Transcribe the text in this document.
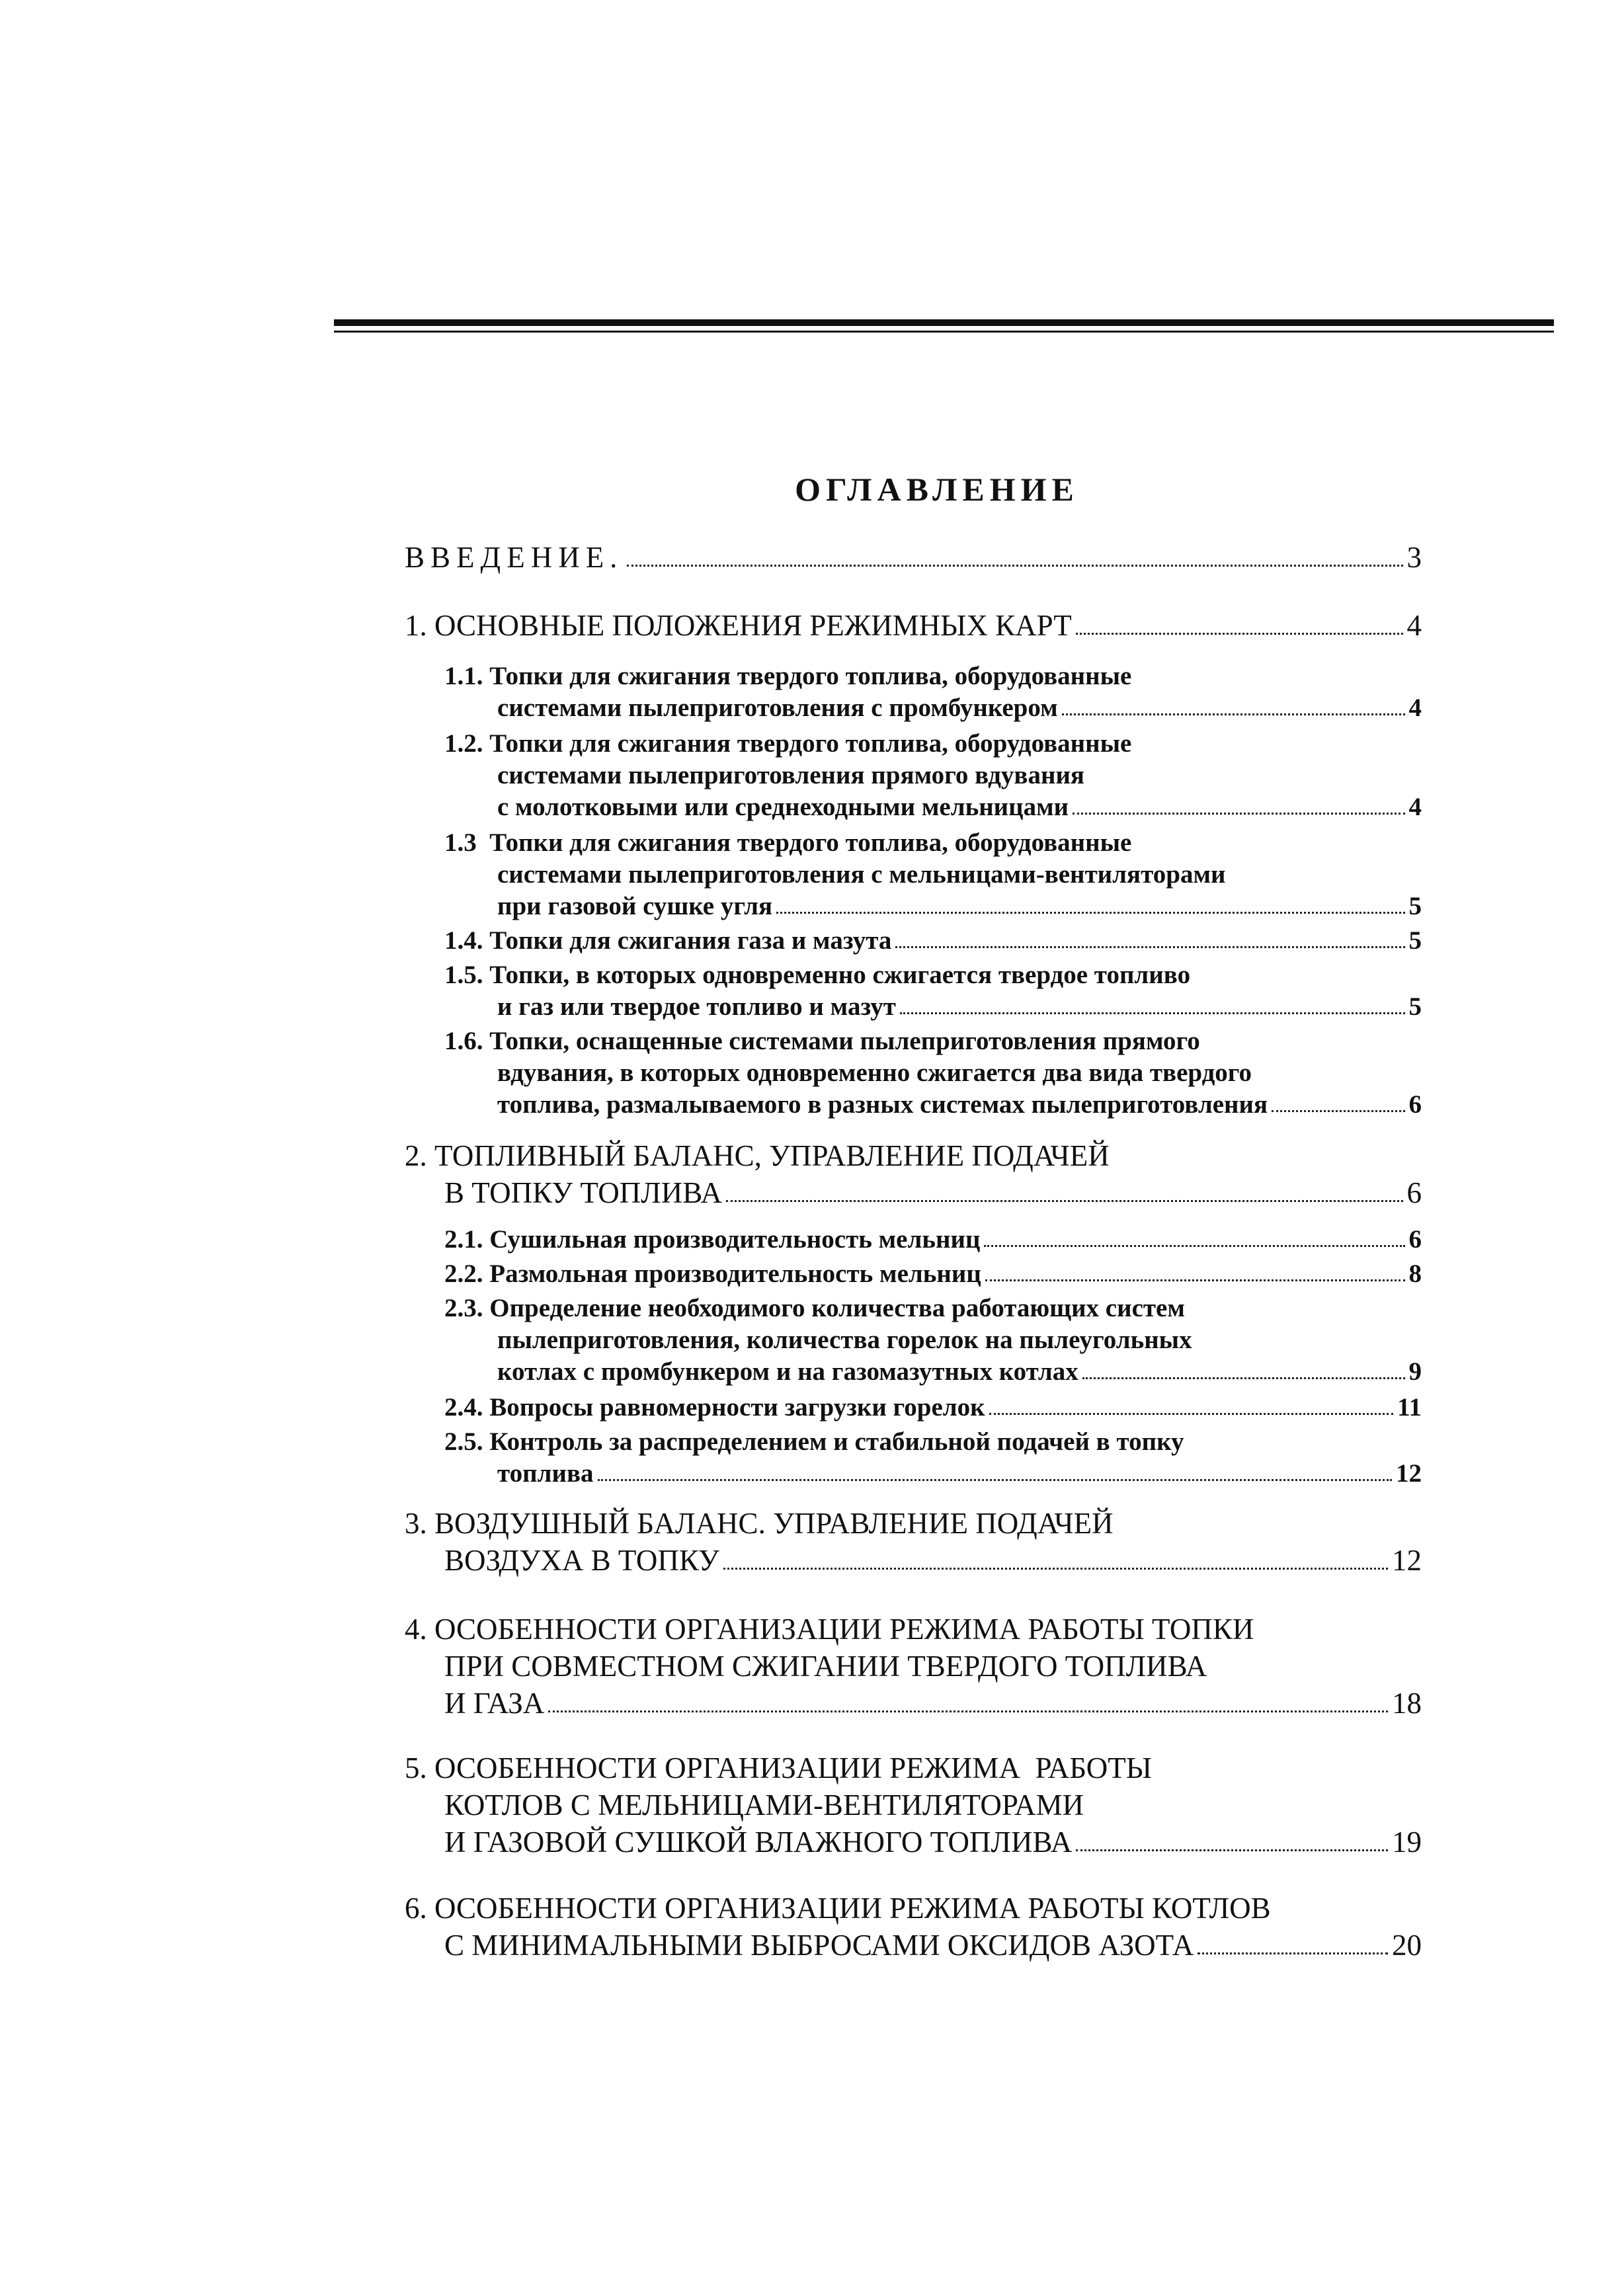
ОГЛАВЛЕНИЕ
ВВЕДЕНИЕ.	3
1. ОСНОВНЫЕ ПОЛОЖЕНИЯ РЕЖИМНЫХ КАРТ	4
1.1. Топки для сжигания твердого топлива, оборудованные
системами пылеприготовления с промбункером	4
1.2. Топки для сжигания твердого топлива, оборудованные
системами пылеприготовления прямого вдувания
с молотковыми или среднеходными мельницами	4
1.3  Топки для сжигания твердого топлива, оборудованные
системами пылеприготовления с мельницами-вентиляторами
при газовой сушке угля	5
1.4. Топки для сжигания газа и мазута	5
1.5. Топки, в которых одновременно сжигается твердое топливо
и газ или твердое топливо и мазут	5
1.6. Топки, оснащенные системами пылеприготовления прямого
вдувания, в которых одновременно сжигается два вида твердого
топлива, размалываемого в разных системах пылеприготовления	6
2. ТОПЛИВНЫЙ БАЛАНС, УПРАВЛЕНИЕ ПОДАЧЕЙ
В ТОПКУ ТОПЛИВА	6
2.1. Сушильная производительность мельниц	6
2.2. Размольная производительность мельниц	8
2.3. Определение необходимого количества работающих систем
пылеприготовления, количества горелок на пылеугольных
котлах с промбункером и на газомазутных котлах	9
2.4. Вопросы равномерности загрузки горелок	11
2.5. Контроль за распределением и стабильной подачей в топку
топлива	12
3. ВОЗДУШНЫЙ БАЛАНС. УПРАВЛЕНИЕ ПОДАЧЕЙ
ВОЗДУХА В ТОПКУ	12
4. ОСОБЕННОСТИ ОРГАНИЗАЦИИ РЕЖИМА РАБОТЫ ТОПКИ
ПРИ СОВМЕСТНОМ СЖИГАНИИ ТВЕРДОГО ТОПЛИВА
И ГАЗА	18
5. ОСОБЕННОСТИ ОРГАНИЗАЦИИ РЕЖИМА  РАБОТЫ
КОТЛОВ С МЕЛЬНИЦАМИ-ВЕНТИЛЯТОРАМИ
И ГАЗОВОЙ СУШКОЙ ВЛАЖНОГО ТОПЛИВА	19
6. ОСОБЕННОСТИ ОРГАНИЗАЦИИ РЕЖИМА РАБОТЫ КОТЛОВ
С МИНИМАЛЬНЫМИ ВЫБРОСАМИ ОКСИДОВ АЗОТА	20
